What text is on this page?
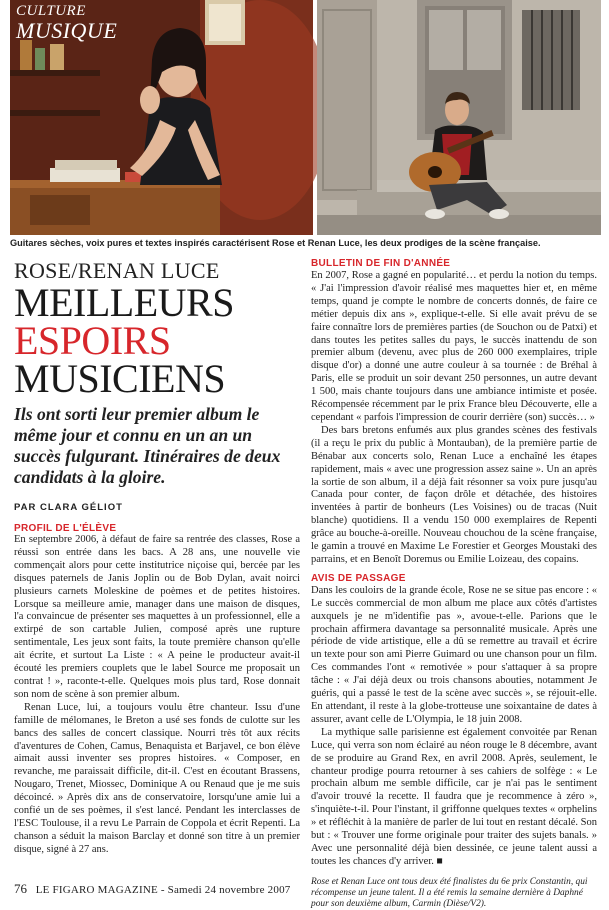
CULTURE
MUSIQUE
Guitares sèches, voix pures et textes inspirés caractérisent Rose et Renan Luce, les deux prodiges de la scène française.
ROSE/RENAN LUCE
MEILLEURS
ESPOIRS
MUSICIENS
Ils ont sorti leur premier album le même jour et connu en un an un succès fulgurant. Itinéraires de deux candidats à la gloire.
PAR CLARA GÉLIOT
PROFIL DE L'ÉLÈVE

En septembre 2006, à défaut de faire sa rentrée des classes, Rose a réussi son entrée dans les bacs. A 28 ans, une nouvelle vie commençait alors pour cette institutrice niçoise qui, bercée par les disques paternels de Janis Joplin ou de Bob Dylan, avait noirci plusieurs carnets Moleskine de poèmes et de petites histoires. Lorsque sa meilleure amie, manager dans une maison de disques, l'a convaincue de présenter ses maquettes à un professionnel, elle a extirpé de son cartable Julien, composé après une rupture sentimentale, Les jeux sont faits, la toute première chanson qu'elle ait écrite, et surtout La Liste : « A peine le producteur avait-il écouté les premiers couplets que le label Source me proposait un contrat ! », raconte-t-elle. Quelques mois plus tard, Rose donnait son nom de scène à son premier album.

Renan Luce, lui, a toujours voulu être chanteur. Issu d'une famille de mélomanes, le Breton a usé ses fonds de culotte sur les bancs des salles de concert classique. Nourri très tôt aux récits d'aventures de Cohen, Camus, Benaquista et Barjavel, ce bon élève aimait aussi inventer ses propres histoires. « Composer, en revanche, me paraissait difficile, dit-il. C'est en écoutant Brassens, Nougaro, Trenet, Miossec, Dominique A ou Renaud que je me suis décoincé. » Après dix ans de conservatoire, lorsqu'une amie lui a confié un de ses poèmes, il s'est lancé. Pendant les interclasses de l'ESC Toulouse, il a revu Le Parrain de Coppola et écrit Repenti. La chanson a séduit la maison Barclay et donné son titre à un premier disque, signé à 27 ans.

BULLETIN DE FIN D'ANNÉE

En 2007, Rose a gagné en popularité… et perdu la notion du temps. « J'ai l'impression d'avoir réalisé mes maquettes hier et, en même temps, quand je compte le nombre de concerts donnés, de faire ce métier depuis dix ans », explique-t-elle. Si elle avait prévu de se faire connaître lors de premières parties (de Souchon ou de Patxi) et dans toutes les petites salles du pays, le succès inattendu de son premier album (devenu, avec plus de 260 000 exemplaires, triple disque d'or) a donné une autre couleur à sa tournée : de Bréhal à Paris, elle se produit un soir devant 250 personnes, un autre devant 1 500, mais chante toujours dans une ambiance intimiste et posée. Récompensée récemment par le prix France bleu Découverte, elle a cependant « parfois l'impression de courir derrière (son) succès… »

Des bars bretons enfumés aux plus grandes scènes des festivals (il a reçu le prix du public à Montauban), de la première partie de Bénabar aux concerts solo, Renan Luce a enchaîné les étapes rapidement, mais « avec une progression assez saine ». Un an après la sortie de son album, il a déjà fait résonner sa voix pure jusqu'au Canada pour conter, de façon drôle et détachée, des histoires inventées à partir de bonheurs (Les Voisines) ou de tracas (Nuit blanche) quotidiens. Il a vendu 150 000 exemplaires de Repenti grâce au bouche-à-oreille. Nouveau chouchou de la scène française, le gamin a trouvé en Maxime Le Forestier et Georges Moustaki des parrains, et en Benoît Doremus ou Emilie Loizeau, des copains.

AVIS DE PASSAGE

Dans les couloirs de la grande école, Rose ne se situe pas encore : « Le succès commercial de mon album me place aux côtés d'artistes auxquels je ne m'identifie pas », avoue-t-elle. Parions que le prochain affirmera davantage sa personnalité musicale. Après une période de vide artistique, elle a dû se remettre au travail et écrire un texte pour son ami Pierre Guimard ou une chanson pour un film. Ces commandes l'ont « remotivée » pour s'attaquer à sa propre tâche : « J'ai déjà deux ou trois chansons abouties, notamment Je guéris, qui a passé le test de la scène avec succès », se réjouit-elle. En attendant, il reste à la globe-trotteuse une soixantaine de dates à assurer, avant celle de L'Olympia, le 18 juin 2008.

La mythique salle parisienne est également convoitée par Renan Luce, qui verra son nom éclairé au néon rouge le 8 décembre, avant de se produire au Grand Rex, en avril 2008. Après, seulement, le chanteur prodige pourra retourner à ses cahiers de solfège : « Le prochain album me semble difficile, car je n'ai pas le sentiment d'avoir trouvé la recette. Il faudra que je recommence à zéro », s'inquiète-t-il. Pour l'instant, il griffonne quelques textes « orphelins » et réfléchit à la manière de parler de lui tout en restant décalé. Son but : « Trouver une forme originale pour traiter des sujets banals. » Avec une personnalité déjà bien dessinée, ce jeune talent aussi a toutes les chances d'y arriver. ■

Rose et Renan Luce ont tous deux été finalistes du 6e prix Constantin, qui récompense un jeune talent. Il a été remis la semaine dernière à Daphné pour son deuxième album, Carmin (Dièse/V2).
76 LE FIGARO MAGAZINE - Samedi 24 novembre 2007
